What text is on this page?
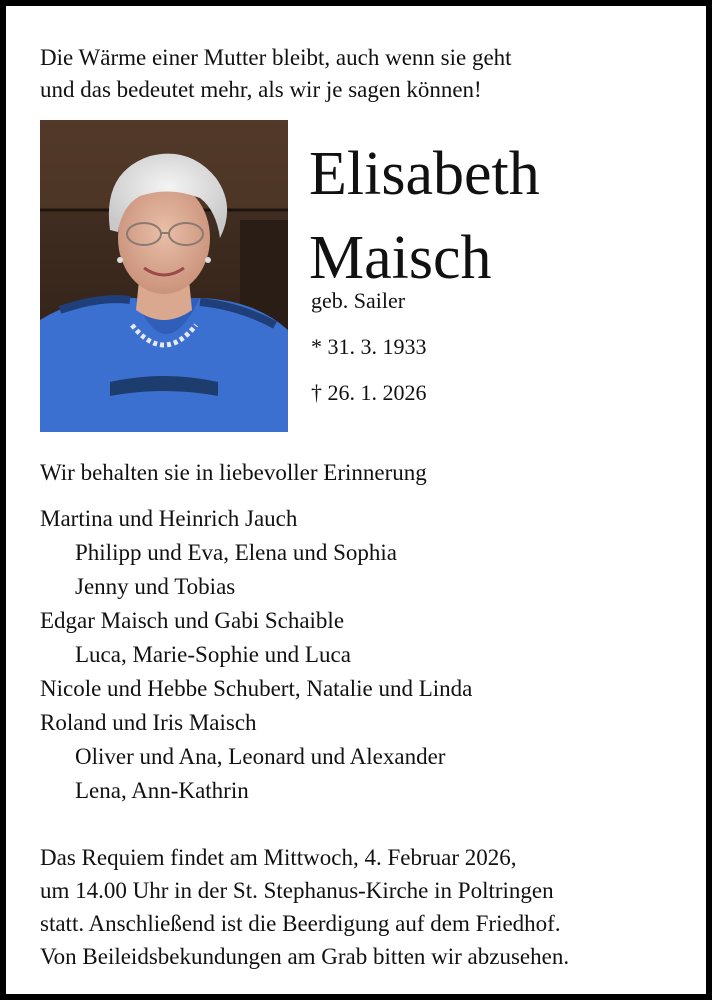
Die Wärme einer Mutter bleibt, auch wenn sie geht
und das bedeutet mehr, als wir je sagen können!
Elisabeth
Maisch
geb. Sailer
* 31. 3. 1933
† 26. 1. 2026
Wir behalten sie in liebevoller Erinnerung
Martina und Heinrich Jauch
Philipp und Eva, Elena und Sophia
Jenny und Tobias
Edgar Maisch und Gabi Schaible
Luca, Marie-Sophie und Luca
Nicole und Hebbe Schubert, Natalie und Linda
Roland und Iris Maisch
Oliver und Ana, Leonard und Alexander
Lena, Ann-Kathrin
Das Requiem findet am Mittwoch, 4. Februar 2026,
um 14.00 Uhr in der St. Stephanus-Kirche in Poltringen
statt. Anschließend ist die Beerdigung auf dem Friedhof.
Von Beileidsbekundungen am Grab bitten wir abzusehen.
